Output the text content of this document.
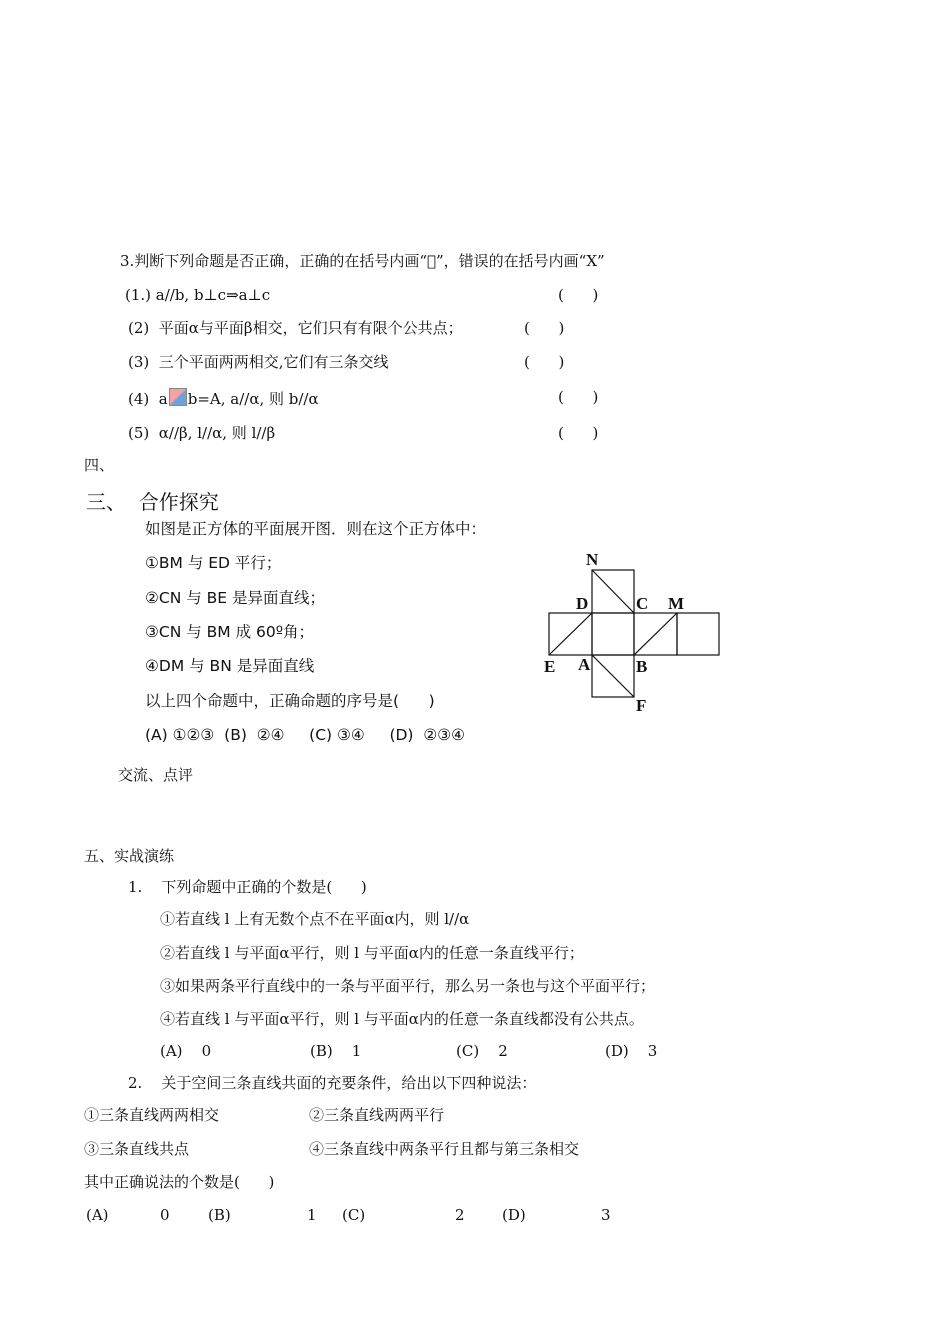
3.判断下列命题是否正确，正确的在括号内画“ ”，错误的在括号内画“X”
(1.) a//b, b⊥c⇒a⊥c	(      )
(2)  平面α与平面β相交，它们只有有限个公共点；	(      )
(3)  三个平面两两相交,它们有三条交线	(      )
(4)  a b=A, a//α, 则 b//α	(      )
(5)  α//β, l//α, 则 l//β	(      )
四、
三、  合作探究
如图是正方体的平面展开图．则在这个正方体中：
①BM 与 ED 平行；
②CN 与 BE 是异面直线；
③CN 与 BM 成 60º角；
④DM 与 BN 是异面直线
以上四个命题中，正确命题的序号是(      )
(A) ①②③  (B)  ②④     (C) ③④     (D)  ②③④
N
D	C M
E A	B
F
交流、点评
五、实战演练
1.    下列命题中正确的个数是(      )
①若直线 l 上有无数个点不在平面α内，则 l//α
②若直线 l 与平面α平行，则 l 与平面α内的任意一条直线平行；
③如果两条平行直线中的一条与平面平行，那么另一条也与这个平面平行；
④若直线 l 与平面α平行，则 l 与平面α内的任意一条直线都没有公共点。
(A)    0	(B)    1	(C)    2	(D)    3
2.    关于空间三条直线共面的充要条件，给出以下四种说法：
①三条直线两两相交	②三条直线两两平行
③三条直线共点	④三条直线中两条平行且都与第三条相交
其中正确说法的个数是(      )
(A)	0	(B)	1 (C)	2 (D)	3
